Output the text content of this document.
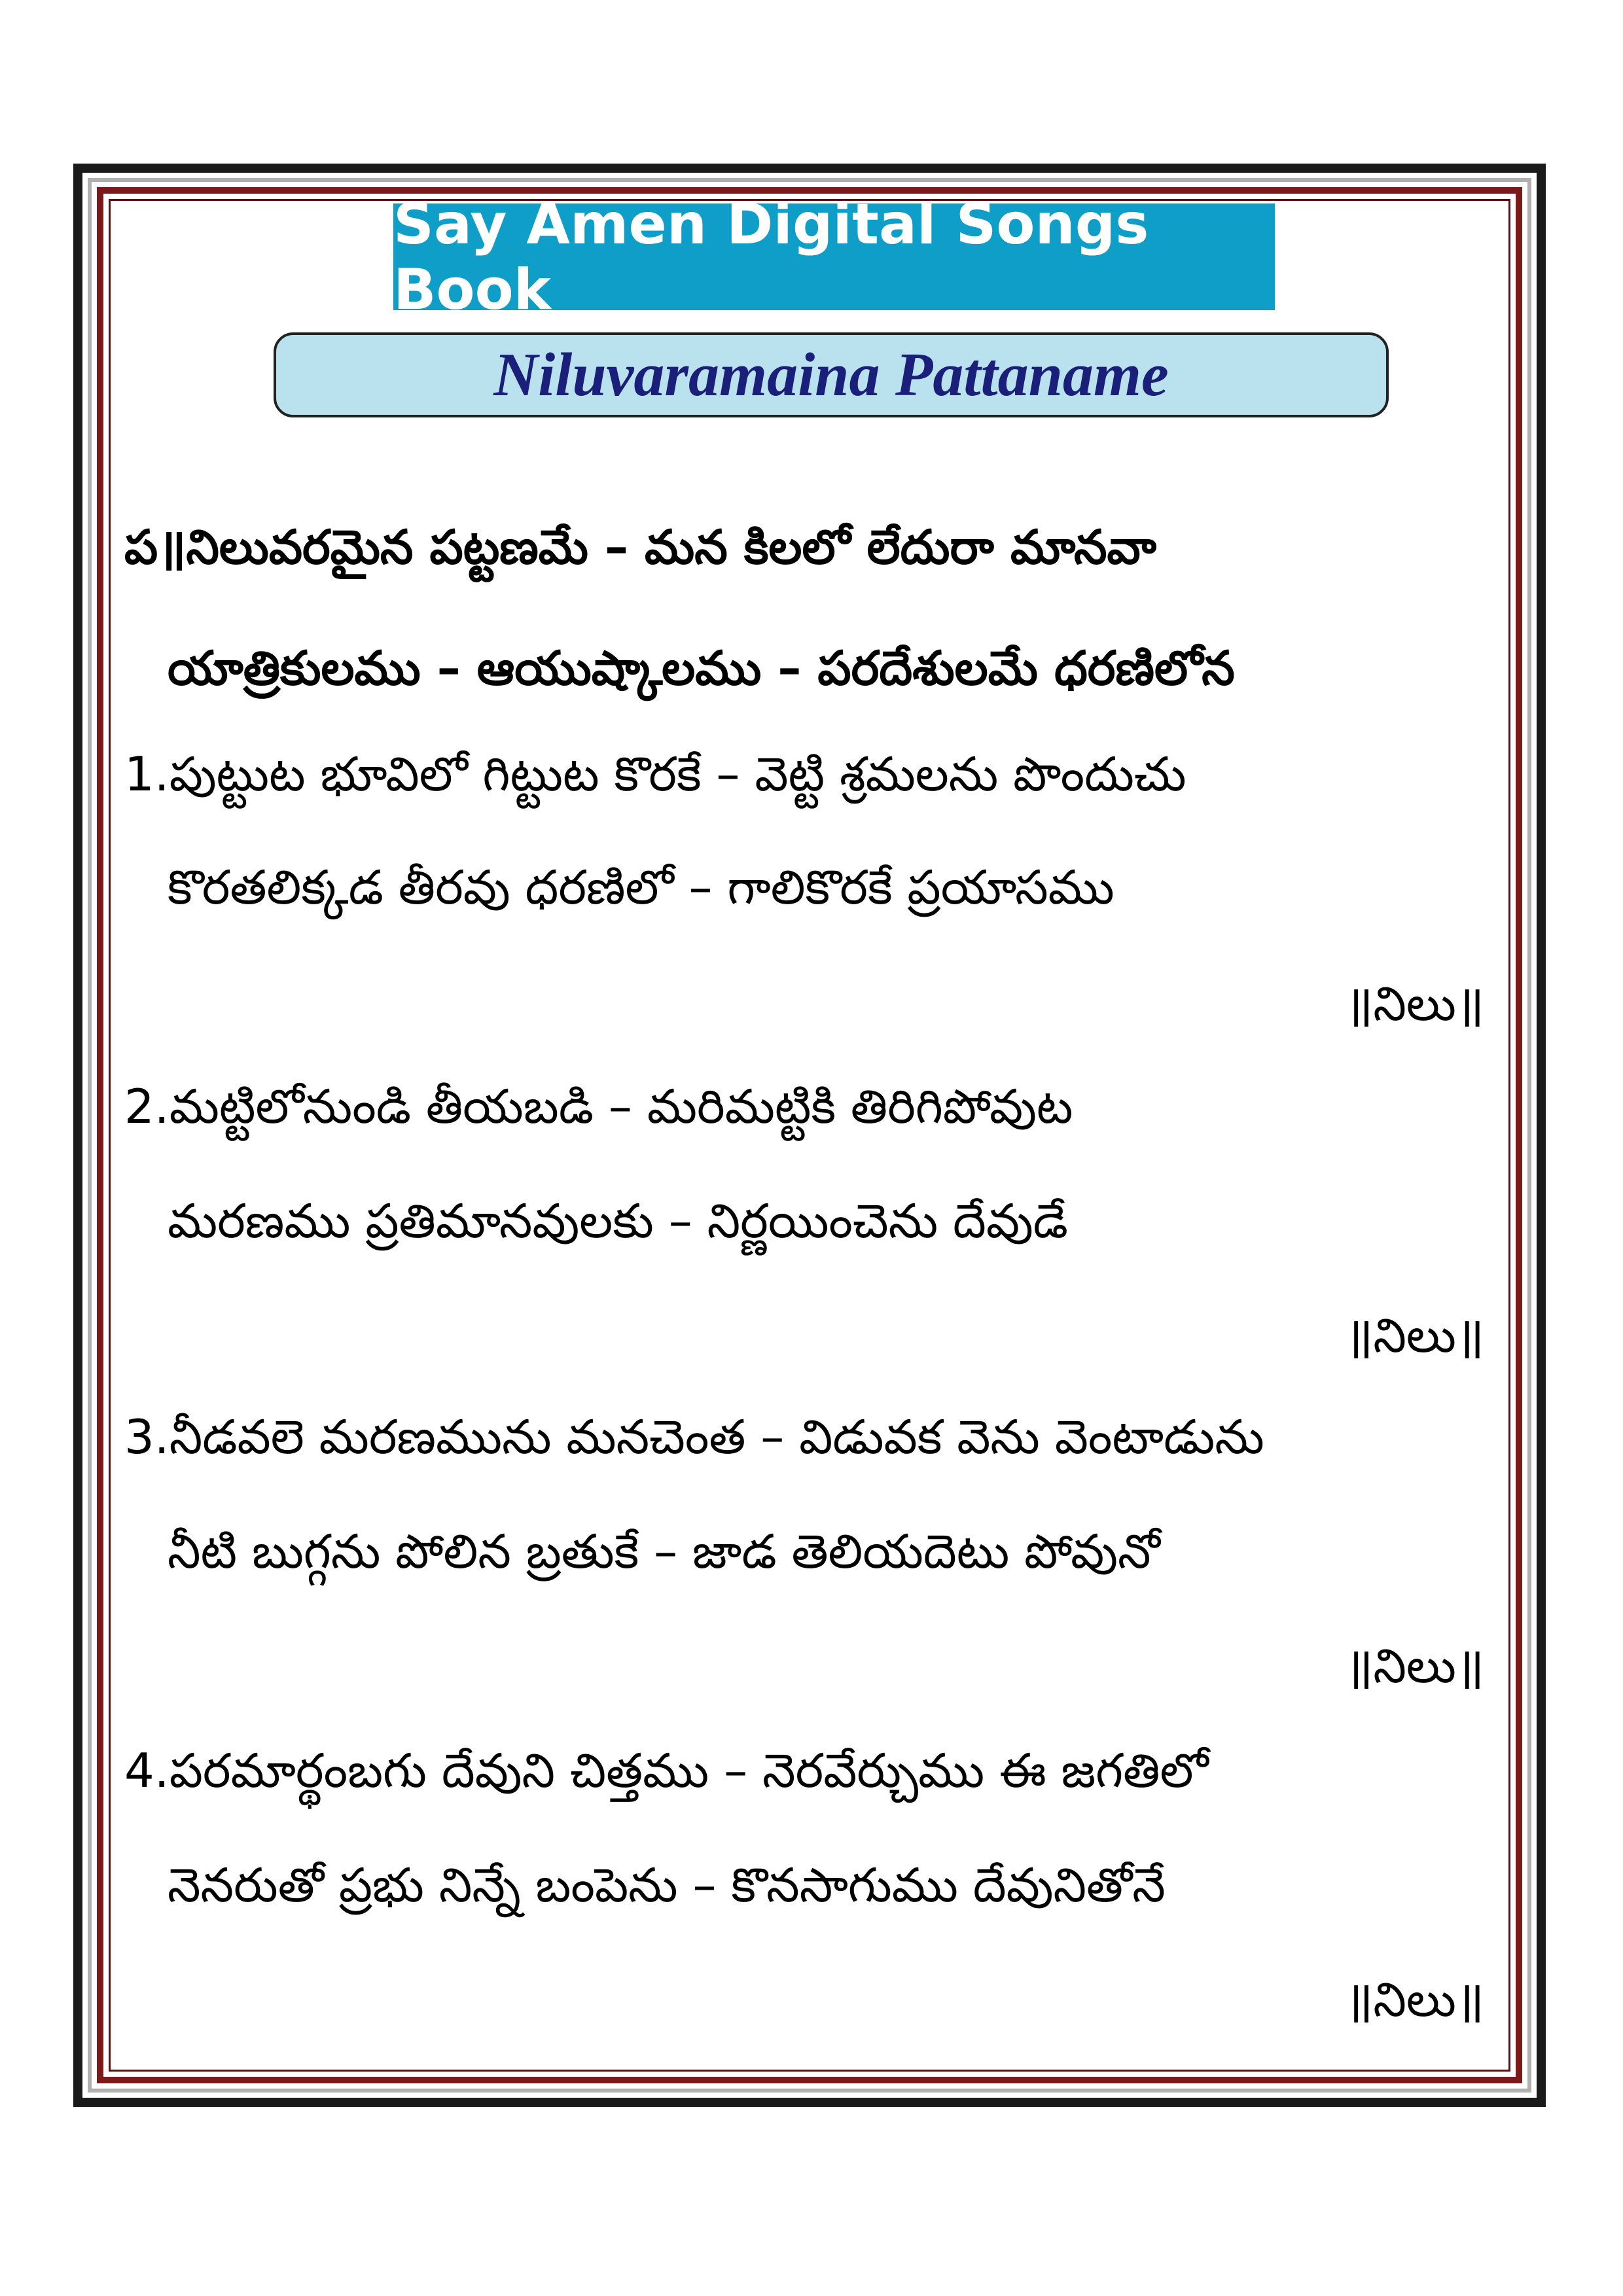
Say Amen Digital Songs Book
Niluvaramaina Pattaname
ప॥నిలువరమైన పట్టణమే – మన కిలలో లేదురా మానవా
యాత్రికులము – ఆయుష్కాలము – పరదేశులమే ధరణిలోన
1.పుట్టుట భూవిలో గిట్టుట కొరకే – వెట్టి శ్రమలను పొందుచు
కొరతలిక్కడ తీరవు ధరణిలో – గాలికొరకే ప్రయాసము
॥నిలు॥
2.మట్టిలోనుండి తీయబడి – మరిమట్టికి తిరిగిపోవుట
మరణము ప్రతిమానవులకు – నిర్ణయించెను దేవుడే
॥నిలు॥
3.నీడవలె మరణమును మనచెంత – విడువక వెను వెంటాడును
నీటి బుగ్గను పోలిన బ్రతుకే – జాడ తెలియదెటు పోవునో
॥నిలు॥
4.పరమార్థంబగు దేవుని చిత్తము – నెరవేర్చుము ఈ జగతిలో
నెనరుతో ప్రభు నిన్నే బంపెను – కొనసాగుము దేవునితోనే
॥నిలు॥
